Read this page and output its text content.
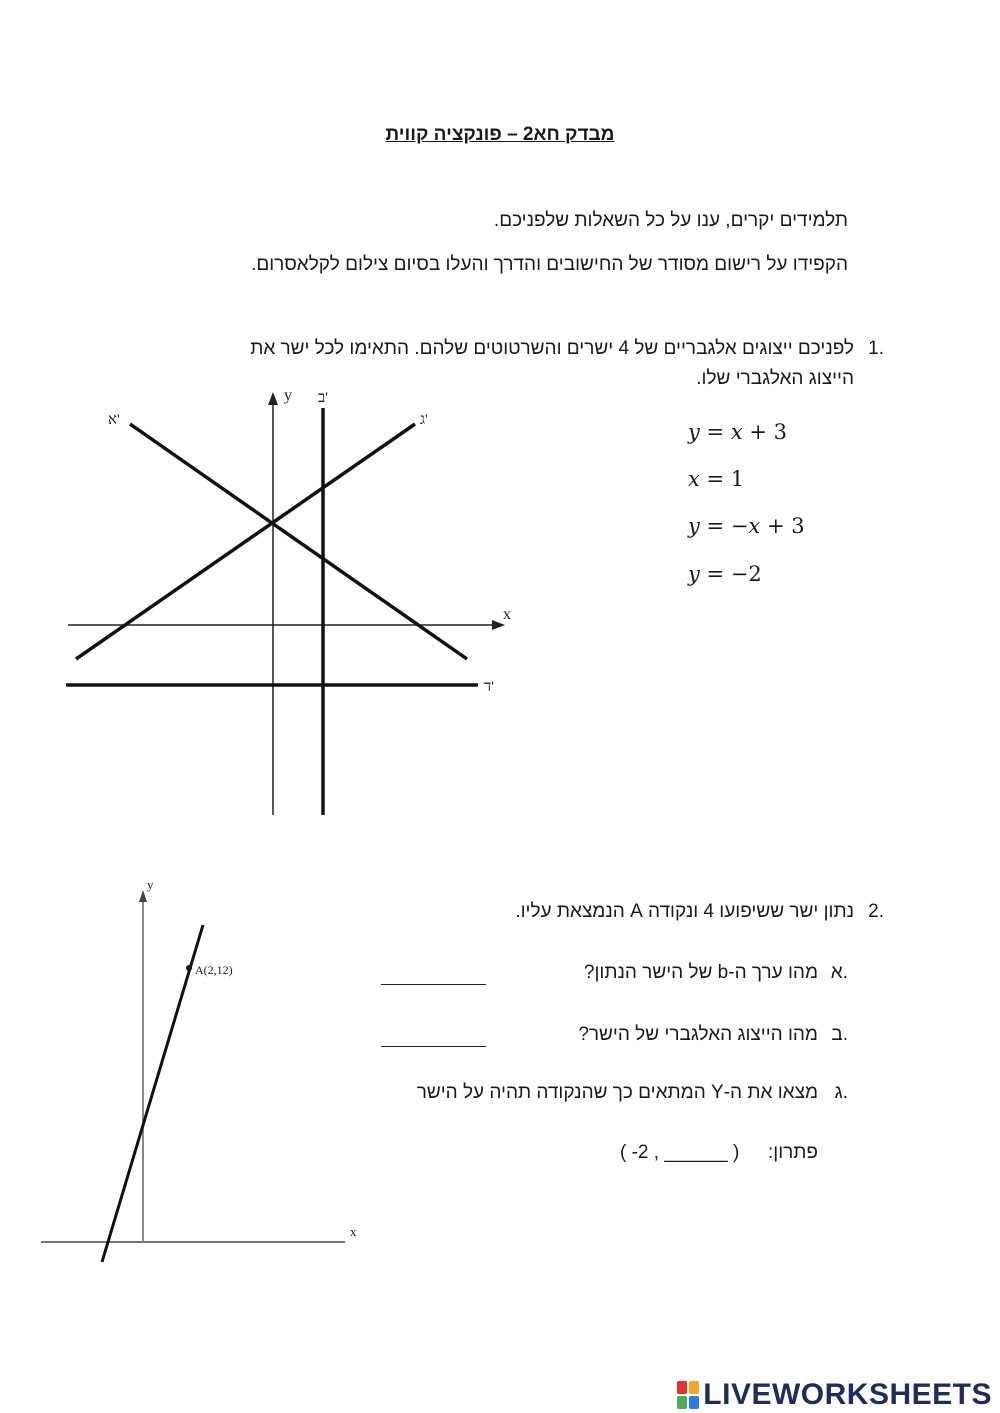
מבדק חא2 – פונקציה קווית
תלמידים יקרים, ענו על כל השאלות שלפניכם.
הקפידו על רישום מסודר של החישובים והדרך והעלו בסיום צילום לקלאסרום.
1.
לפניכם ייצוגים אלגבריים של 4 ישרים והשרטוטים שלהם. התאימו לכל ישר את
הייצוג האלגברי שלו.
y = x + 3
x = 1
y = −x + 3
y = −2
x
y
א'
ב'
ג'
ד'
2.
נתון ישר ששיפועו 4 ונקודה A הנמצאת עליו.
א.
מהו ערך ה-b של הישר הנתון?
ב.
מהו הייצוג האלגברי של הישר?
ג.
מצאו את ה-Y המתאים כך שהנקודה תהיה על הישר
פתרון:
( -2 , ______ )
x
y
A(2,12)
LIVEWORKSHEETS
